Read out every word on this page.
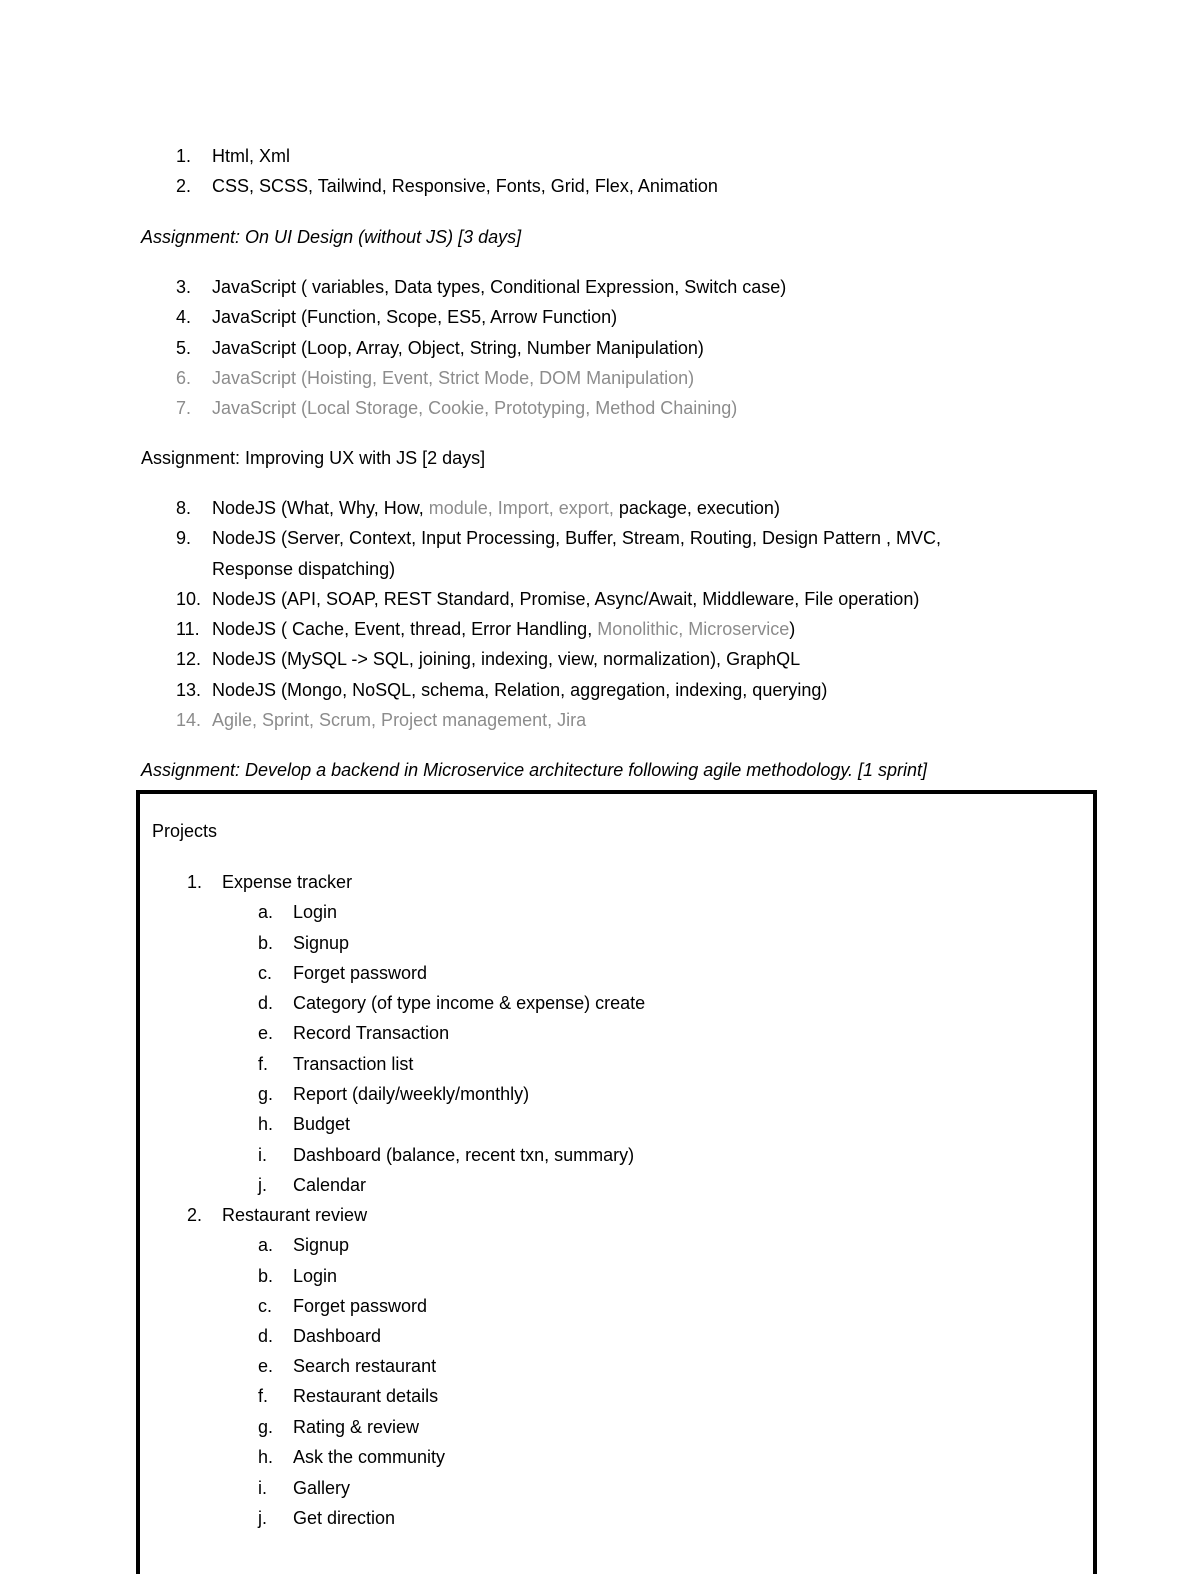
1. Html, Xml
2. CSS, SCSS, Tailwind, Responsive, Fonts, Grid, Flex, Animation
Assignment: On UI Design (without JS) [3 days]
3. JavaScript ( variables, Data types, Conditional Expression, Switch case)
4. JavaScript (Function, Scope, ES5, Arrow Function)
5. JavaScript (Loop, Array, Object, String, Number Manipulation)
6. JavaScript (Hoisting, Event, Strict Mode, DOM Manipulation)
7. JavaScript (Local Storage, Cookie, Prototyping, Method Chaining)
Assignment: Improving UX with JS [2 days]
8. NodeJS (What, Why, How, module, Import, export, package, execution)
9. NodeJS (Server, Context, Input Processing, Buffer, Stream, Routing, Design Pattern , MVC,
Response dispatching)
10. NodeJS (API, SOAP, REST Standard, Promise, Async/Await, Middleware, File operation)
11. NodeJS ( Cache, Event, thread, Error Handling, Monolithic, Microservice)
12. NodeJS (MySQL -> SQL, joining, indexing, view, normalization), GraphQL
13. NodeJS (Mongo, NoSQL, schema, Relation, aggregation, indexing, querying)
14. Agile, Sprint, Scrum, Project management, Jira
Assignment: Develop a backend in Microservice architecture following agile methodology. [1 sprint]
Projects
1. Expense tracker
a. Login
b. Signup
c. Forget password
d. Category (of type income & expense) create
e. Record Transaction
f. Transaction list
g. Report (daily/weekly/monthly)
h. Budget
i. Dashboard (balance, recent txn, summary)
j. Calendar
2. Restaurant review
a. Signup
b. Login
c. Forget password
d. Dashboard
e. Search restaurant
f. Restaurant details
g. Rating & review
h. Ask the community
i. Gallery
j. Get direction
